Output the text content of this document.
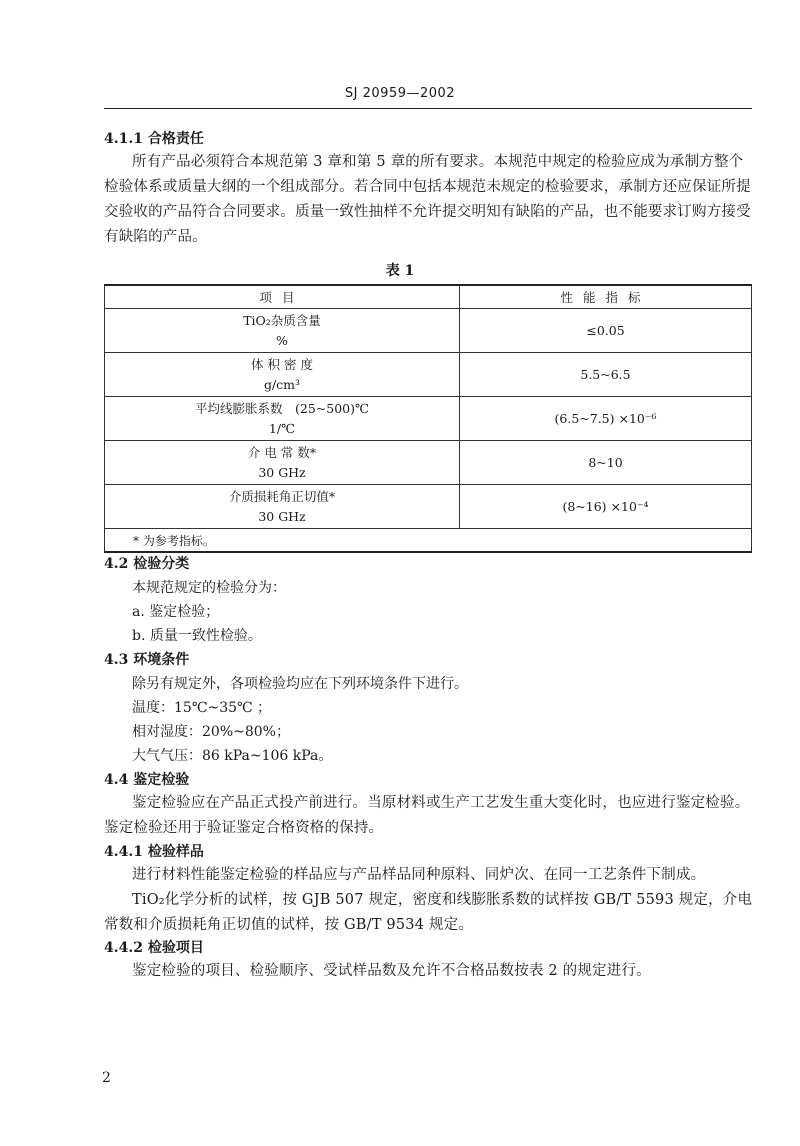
SJ 20959—2002
4.1.1 合格责任
所有产品必须符合本规范第 3 章和第 5 章的所有要求。本规范中规定的检验应成为承制方整个检验体系或质量大纲的一个组成部分。若合同中包括本规范未规定的检验要求，承制方还应保证所提交验收的产品符合合同要求。质量一致性抽样不允许提交明知有缺陷的产品，也不能要求订购方接受有缺陷的产品。
表 1
项目	性能指标

TiO₂杂质含量
%	≤0.05

体 积 密 度
g/cm³	5.5~6.5

平均线膨胀系数　(25~500)℃
1/℃	(6.5~7.5) ×10⁻⁶

介 电 常 数*
30 GHz	8~10

介质损耗角正切值*
30 GHz	(8~16) ×10⁻⁴
* 为参考指标。	
4.2 检验分类
本规范规定的检验分为：
a. 鉴定检验；
b. 质量一致性检验。
4.3 环境条件
除另有规定外，各项检验均应在下列环境条件下进行。
温度：15℃~35℃ ；
相对湿度：20%~80%；
大气气压：86 kPa~106 kPa。
4.4 鉴定检验
鉴定检验应在产品正式投产前进行。当原材料或生产工艺发生重大变化时，也应进行鉴定检验。鉴定检验还用于验证鉴定合格资格的保持。
4.4.1 检验样品
进行材料性能鉴定检验的样品应与产品样品同种原料、同炉次、在同一工艺条件下制成。
TiO₂化学分析的试样，按 GJB 507 规定，密度和线膨胀系数的试样按 GB/T 5593 规定，介电常数和介质损耗角正切值的试样，按 GB/T 9534 规定。
4.4.2 检验项目
鉴定检验的项目、检验顺序、受试样品数及允许不合格品数按表 2 的规定进行。
2
